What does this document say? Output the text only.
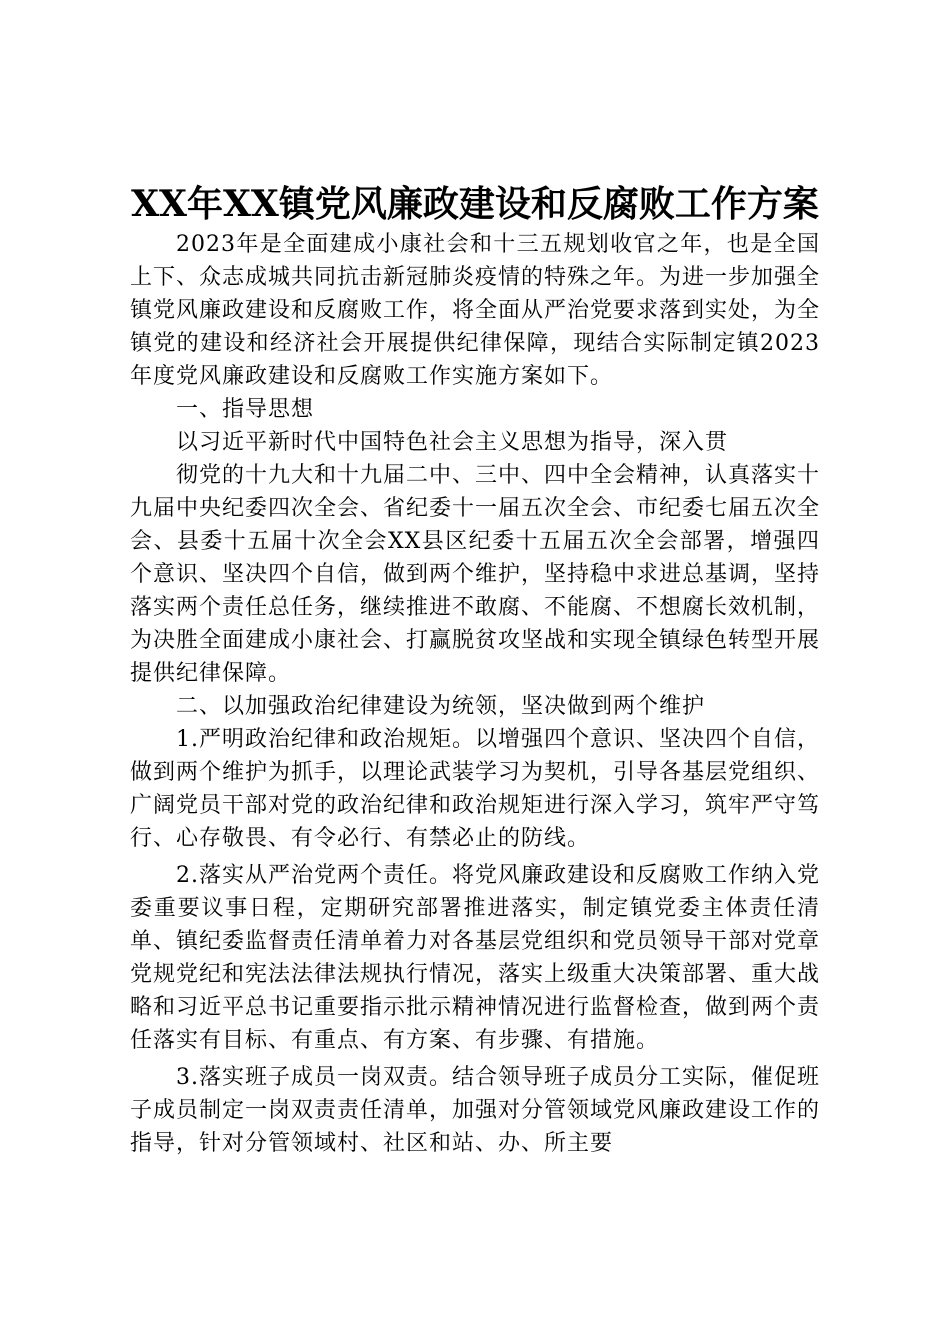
XX年XX镇党风廉政建设和反腐败工作方案

2023年是全面建成小康社会和十三五规划收官之年，也是全国上下、众志成城共同抗击新冠肺炎疫情的特殊之年。为进一步加强全镇党风廉政建设和反腐败工作，将全面从严治党要求落到实处，为全镇党的建设和经济社会开展提供纪律保障，现结合实际制定镇2023年度党风廉政建设和反腐败工作实施方案如下。

一、指导思想

以习近平新时代中国特色社会主义思想为指导，深入贯

彻党的十九大和十九届二中、三中、四中全会精神，认真落实十九届中央纪委四次全会、省纪委十一届五次全会、市纪委七届五次全会、县委十五届十次全会XX县区纪委十五届五次全会部署，增强四个意识、坚决四个自信，做到两个维护，坚持稳中求进总基调，坚持落实两个责任总任务，继续推进不敢腐、不能腐、不想腐长效机制，为决胜全面建成小康社会、打赢脱贫攻坚战和实现全镇绿色转型开展提供纪律保障。

二、以加强政治纪律建设为统领，坚决做到两个维护

1.严明政治纪律和政治规矩。以增强四个意识、坚决四个自信，做到两个维护为抓手，以理论武装学习为契机，引导各基层党组织、广阔党员干部对党的政治纪律和政治规矩进行深入学习，筑牢严守笃行、心存敬畏、有令必行、有禁必止的防线。

2.落实从严治党两个责任。将党风廉政建设和反腐败工作纳入党委重要议事日程，定期研究部署推进落实，制定镇党委主体责任清单、镇纪委监督责任清单着力对各基层党组织和党员领导干部对党章党规党纪和宪法法律法规执行情况，落实上级重大决策部署、重大战略和习近平总书记重要指示批示精神情况进行监督检查，做到两个责任落实有目标、有重点、有方案、有步骤、有措施。

3.落实班子成员一岗双责。结合领导班子成员分工实际，催促班子成员制定一岗双责责任清单，加强对分管领域党风廉政建设工作的指导，针对分管领域村、社区和站、办、所主要
